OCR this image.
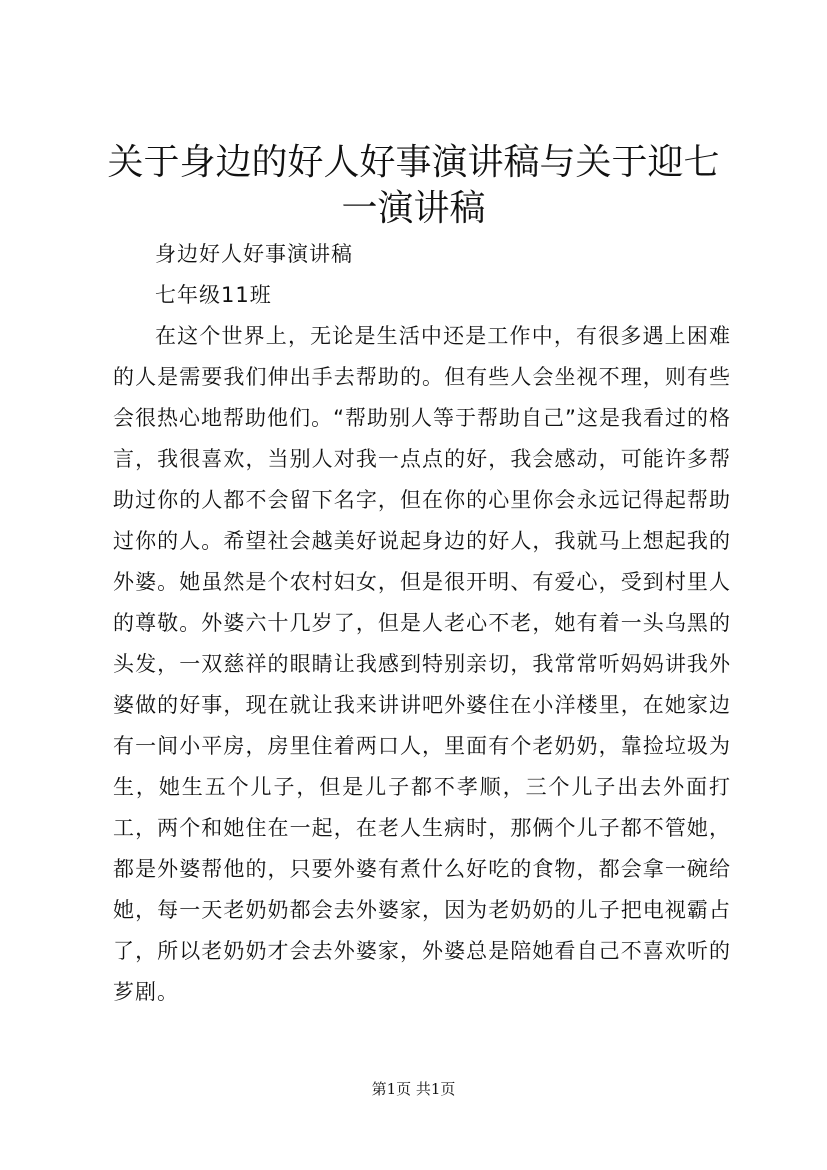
关于身边的好人好事演讲稿与关于迎七一演讲稿

身边好人好事演讲稿

七年级11班

在这个世界上，无论是生活中还是工作中，有很多遇上困难的人是需要我们伸出手去帮助的。但有些人会坐视不理，则有些会很热心地帮助他们。“帮助别人等于帮助自己”这是我看过的格言，我很喜欢，当别人对我一点点的好，我会感动，可能许多帮助过你的人都不会留下名字，但在你的心里你会永远记得起帮助过你的人。希望社会越美好说起身边的好人，我就马上想起我的外婆。她虽然是个农村妇女，但是很开明、有爱心，受到村里人的尊敬。外婆六十几岁了，但是人老心不老，她有着一头乌黑的头发，一双慈祥的眼睛让我感到特别亲切，我常常听妈妈讲我外婆做的好事，现在就让我来讲讲吧外婆住在小洋楼里，在她家边有一间小平房，房里住着两口人，里面有个老奶奶，靠捡垃圾为生，她生五个儿子，但是儿子都不孝顺，三个儿子出去外面打工，两个和她住在一起，在老人生病时，那俩个儿子都不管她，都是外婆帮他的，只要外婆有煮什么好吃的食物，都会拿一碗给她，每一天老奶奶都会去外婆家，因为老奶奶的儿子把电视霸占了，所以老奶奶才会去外婆家，外婆总是陪她看自己不喜欢听的芗剧。

第1页 共1页
